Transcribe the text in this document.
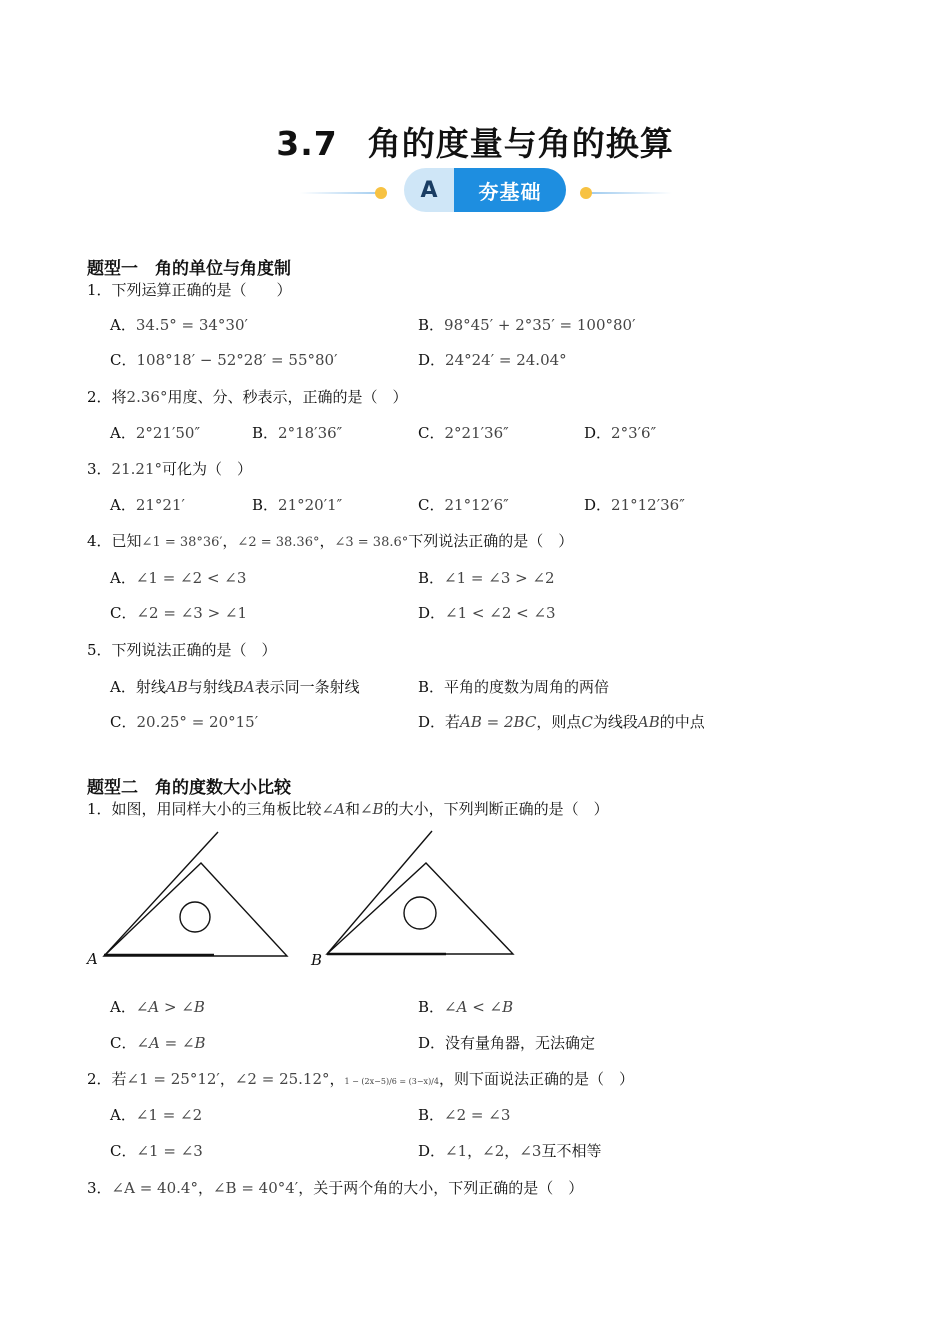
3.7 角的度量与角的换算
A	夯基础
题型一　角的单位与角度制
1．下列运算正确的是（　　）
A．34.5° = 34°30′	B．98°45′ + 2°35′ = 100°80′
C．108°18′ − 52°28′ = 55°80′	D．24°24′ = 24.04°
2．将2.36°用度、分、秒表示，正确的是（　）
A．2°21′50″	B．2°18′36″	C．2°21′36″	D．2°3′6″
3．21.21°可化为（　）
A．21°21′	B．21°20′1″	C．21°12′6″	D．21°12′36″
4．已知∠1 = 38°36′，∠2 = 38.36°，∠3 = 38.6°下列说法正确的是（　）
A．∠1 = ∠2 < ∠3	B．∠1 = ∠3 > ∠2
C．∠2 = ∠3 > ∠1	D．∠1 < ∠2 < ∠3
5．下列说法正确的是（　）
A．射线AB与射线BA表示同一条射线	B．平角的度数为周角的两倍
C．20.25° = 20°15′	D．若AB = 2BC，则点C为线段AB的中点
题型二　角的度数大小比较
1．如图，用同样大小的三角板比较∠A和∠B的大小，下列判断正确的是（　）
A	B
A．∠A > ∠B	B．∠A < ∠B
C．∠A = ∠B	D．没有量角器，无法确定
2．若∠1 = 25°12′，∠2 = 25.12°，1 − (2x−5)/6 = (3−x)/4，则下面说法正确的是（　）
A．∠1 = ∠2	B．∠2 = ∠3
C．∠1 = ∠3	D．∠1，∠2，∠3互不相等
3．∠A = 40.4°，∠B = 40°4′，关于两个角的大小，下列正确的是（　）
